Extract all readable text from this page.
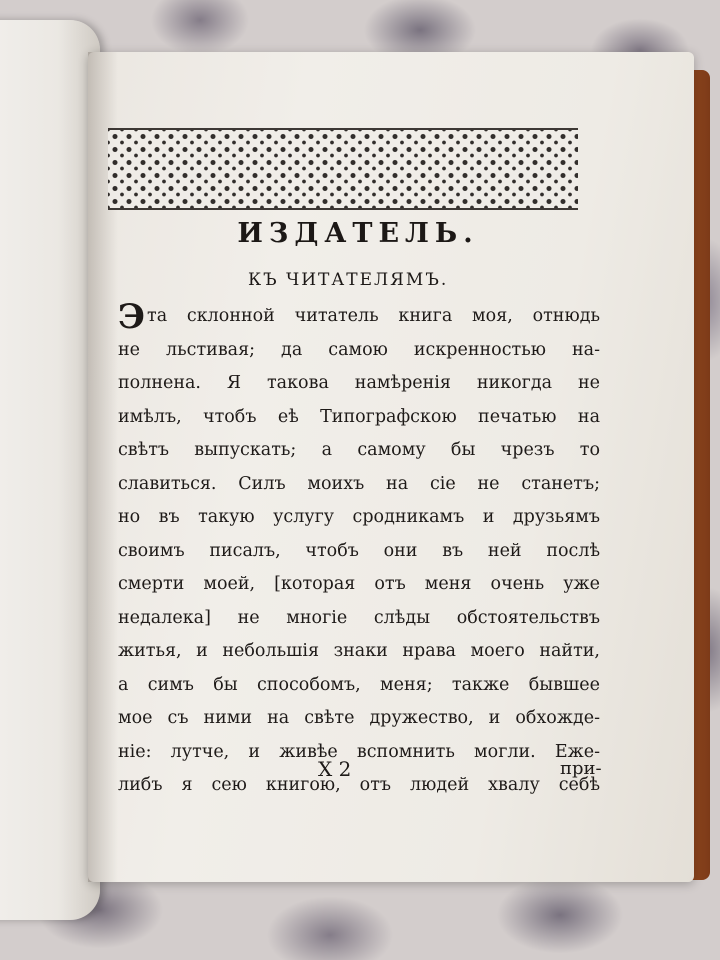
ИЗДАТЕЛЬ.
КЪ ЧИТАТЕЛЯМЪ.
Эта склонной читатель книга моя, отнюдь
не льстивая; да самою искренностью на-
полнена. Я такова намѣренія никогда не
имѣлъ, чтобъ еѣ Типографскою печатью на
свѣтъ выпускать; а самому бы чрезъ то
славиться. Силъ моихъ на сіе не станетъ;
но въ такую услугу сродникамъ и друзьямъ
своимъ писалъ, чтобъ они въ ней послѣ
смерти моей, [которая отъ меня очень уже
недалека] не многіе слѣды обстоятельствъ
житья, и небольшія знаки нрава моего найти,
а симъ бы способомъ, меня; также бывшее
мое съ ними на свѣте дружество, и обхожде-
ніе: лутче, и живѣе вспомнить могли. Ежe-
либъ я сею книгою, отъ людей хвалу себѣ
Х 2	при-
